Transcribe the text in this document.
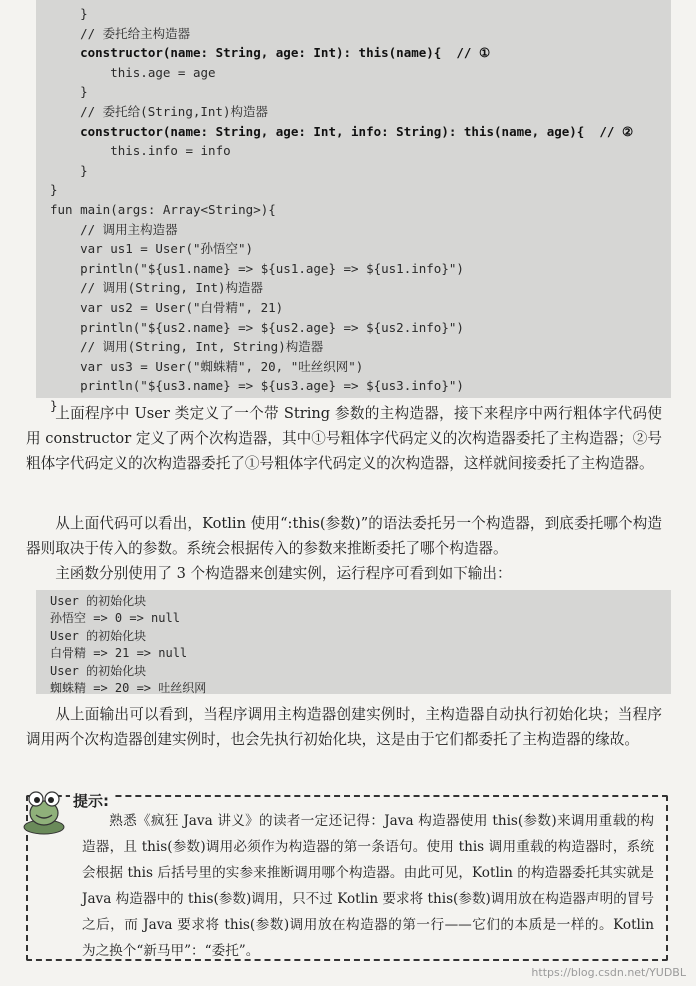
}
// 委托给主构造器
constructor(name: String, age: Int): this(name){  // ①
this.age = age
}
// 委托给(String,Int)构造器
constructor(name: String, age: Int, info: String): this(name, age){  // ②
this.info = info
}
}
fun main(args: Array<String>){
// 调用主构造器
var us1 = User("孙悟空")
println("${us1.name} => ${us1.age} => ${us1.info}")
// 调用(String, Int)构造器
var us2 = User("白骨精", 21)
println("${us2.name} => ${us2.age} => ${us2.info}")
// 调用(String, Int, String)构造器
var us3 = User("蜘蛛精", 20, "吐丝织网")
println("${us3.name} => ${us3.age} => ${us3.info}")
}

上面程序中 User 类定义了一个带 String 参数的主构造器，接下来程序中两行粗体字代码使用 constructor 定义了两个次构造器，其中①号粗体字代码定义的次构造器委托了主构造器；②号粗体字代码定义的次构造器委托了①号粗体字代码定义的次构造器，这样就间接委托了主构造器。

从上面代码可以看出，Kotlin 使用“:this(参数)”的语法委托另一个构造器，到底委托哪个构造器则取决于传入的参数。系统会根据传入的参数来推断委托了哪个构造器。

主函数分别使用了 3 个构造器来创建实例，运行程序可看到如下输出：

User 的初始化块
孙悟空 => 0 => null
User 的初始化块
白骨精 => 21 => null
User 的初始化块
蜘蛛精 => 20 => 吐丝织网

从上面输出可以看到，当程序调用主构造器创建实例时，主构造器自动执行初始化块；当程序调用两个次构造器创建实例时，也会先执行初始化块，这是由于它们都委托了主构造器的缘故。

提示:

熟悉《疯狂 Java 讲义》的读者一定还记得：Java 构造器使用 this(参数)来调用重载的构造器，且 this(参数)调用必须作为构造器的第一条语句。使用 this 调用重载的构造器时，系统会根据 this 后括号里的实参来推断调用哪个构造器。由此可见，Kotlin 的构造器委托其实就是 Java 构造器中的 this(参数)调用，只不过 Kotlin 要求将 this(参数)调用放在构造器声明的冒号之后，而 Java 要求将 this(参数)调用放在构造器的第一行——它们的本质是一样的。Kotlin 为之换个“新马甲”：“委托”。

https://blog.csdn.net/YUDBL
